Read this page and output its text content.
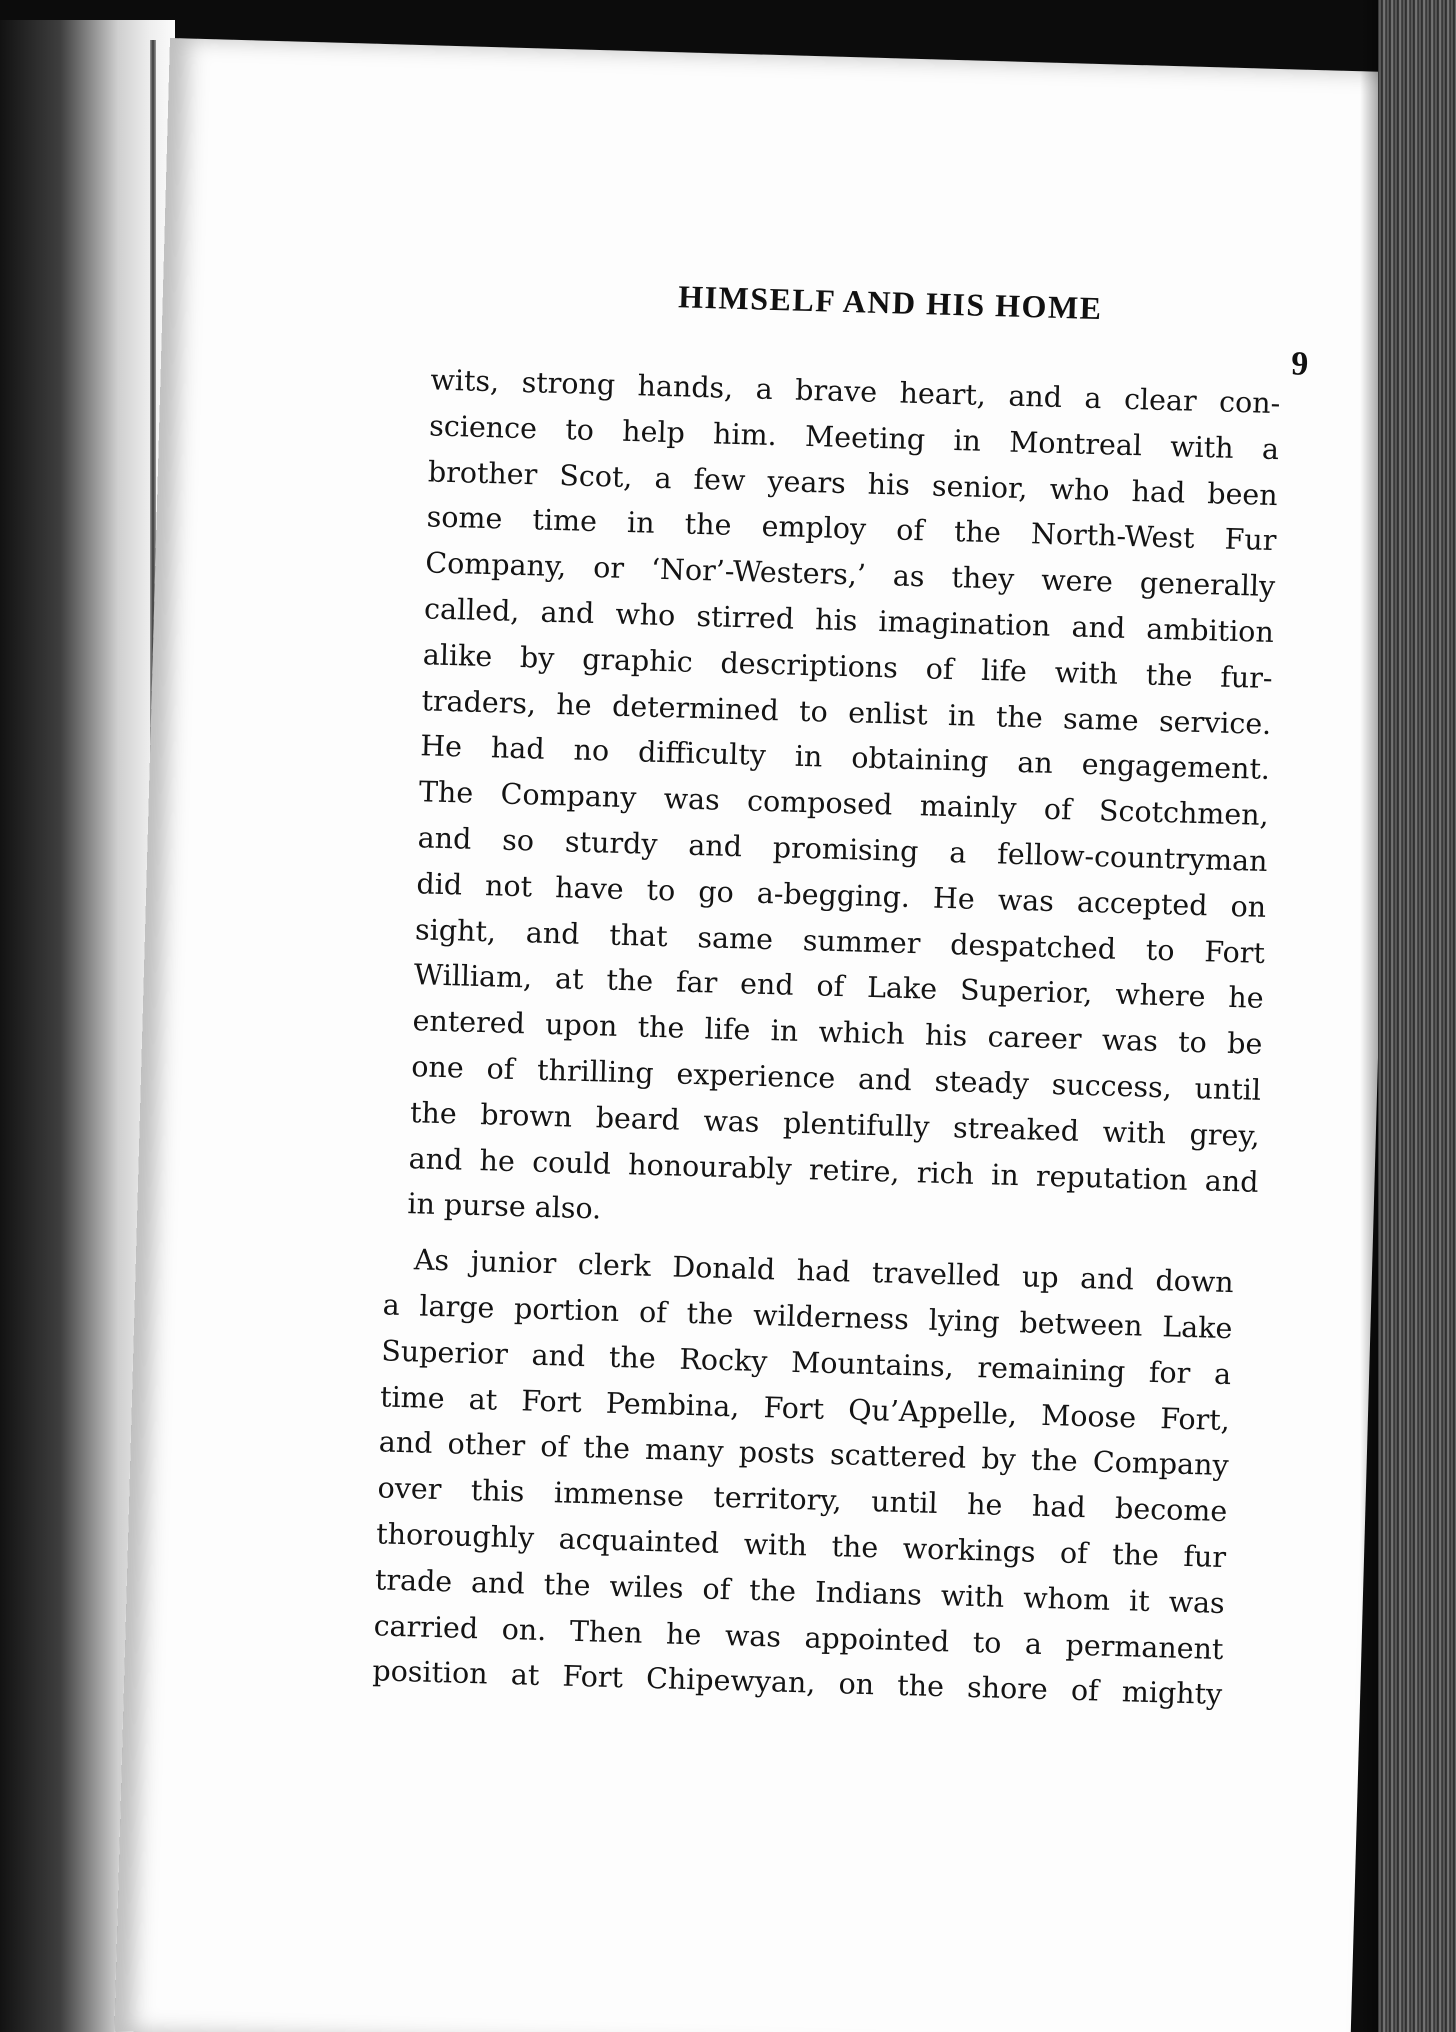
HIMSELF AND HIS HOME
9
wits, strong hands, a brave heart, and a clear con-
science to help him. Meeting in Montreal with a
brother Scot, a few years his senior, who had been
some time in the employ of the North-West Fur
Company, or ‘Nor’-Westers,’ as they were generally
called, and who stirred his imagination and ambition
alike by graphic descriptions of life with the fur-
traders, he determined to enlist in the same service.
He had no difficulty in obtaining an engagement.
The Company was composed mainly of Scotchmen,
and so sturdy and promising a fellow-countryman
did not have to go a-begging. He was accepted on
sight, and that same summer despatched to Fort
William, at the far end of Lake Superior, where he
entered upon the life in which his career was to be
one of thrilling experience and steady success, until
the brown beard was plentifully streaked with grey,
and he could honourably retire, rich in reputation and
in purse also.
As junior clerk Donald had travelled up and down
a large portion of the wilderness lying between Lake
Superior and the Rocky Mountains, remaining for a
time at Fort Pembina, Fort Qu’Appelle, Moose Fort,
and other of the many posts scattered by the Company
over this immense territory, until he had become
thoroughly acquainted with the workings of the fur
trade and the wiles of the Indians with whom it was
carried on. Then he was appointed to a permanent
position at Fort Chipewyan, on the shore of mighty
